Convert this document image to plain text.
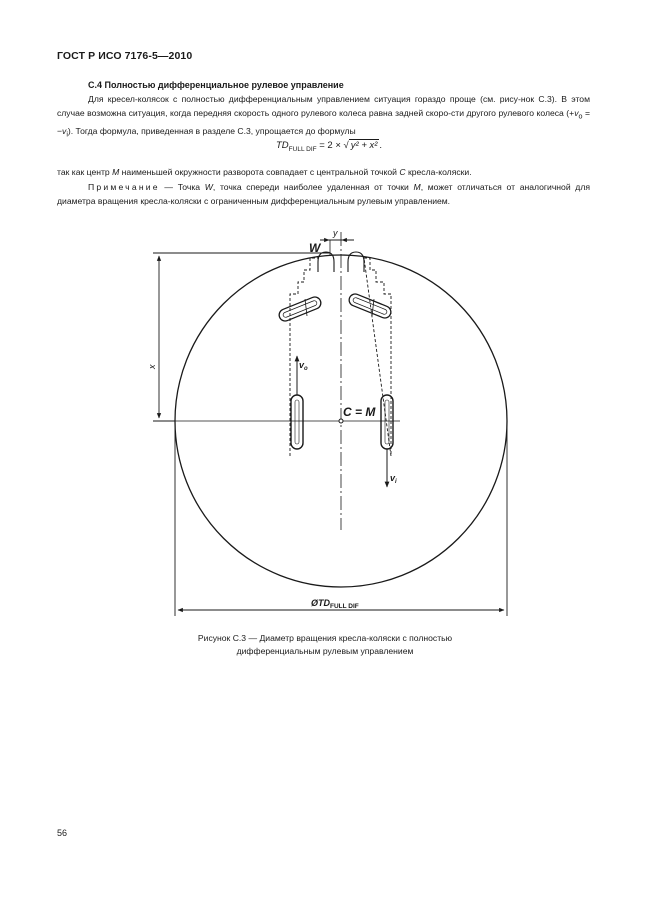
ГОСТ Р ИСО 7176-5—2010
С.4 Полностью дифференциальное рулевое управление
Для кресел-колясок с полностью дифференциальным управлением ситуация гораздо проще (см. рису-нок С.3). В этом случае возможна ситуация, когда передняя скорость одного рулевого колеса равна задней скоро-сти другого рулевого колеса $(+v_o = -v_i)$. Тогда формула, приведенная в разделе С.3, упрощается до формулы
$TD_{FULL DIF} = 2$ × √ y² + x² .
так как центр M наименьшей окружности разворота совпадает с центральной точкой C кресла-коляски.
Примечание — Точка W, точка спереди наиболее удаленная от точки M, может отличаться от аналогичной для диаметра вращения кресла-коляски с ограниченным дифференциальным рулевым управлением.
W
y
x	$v_o$
$v_i$
C = M
$ØTD_{FULL DIF}$
Рисунок С.3 — Диаметр вращения кресла-коляски с полностью
дифференциальным рулевым управлением
56
